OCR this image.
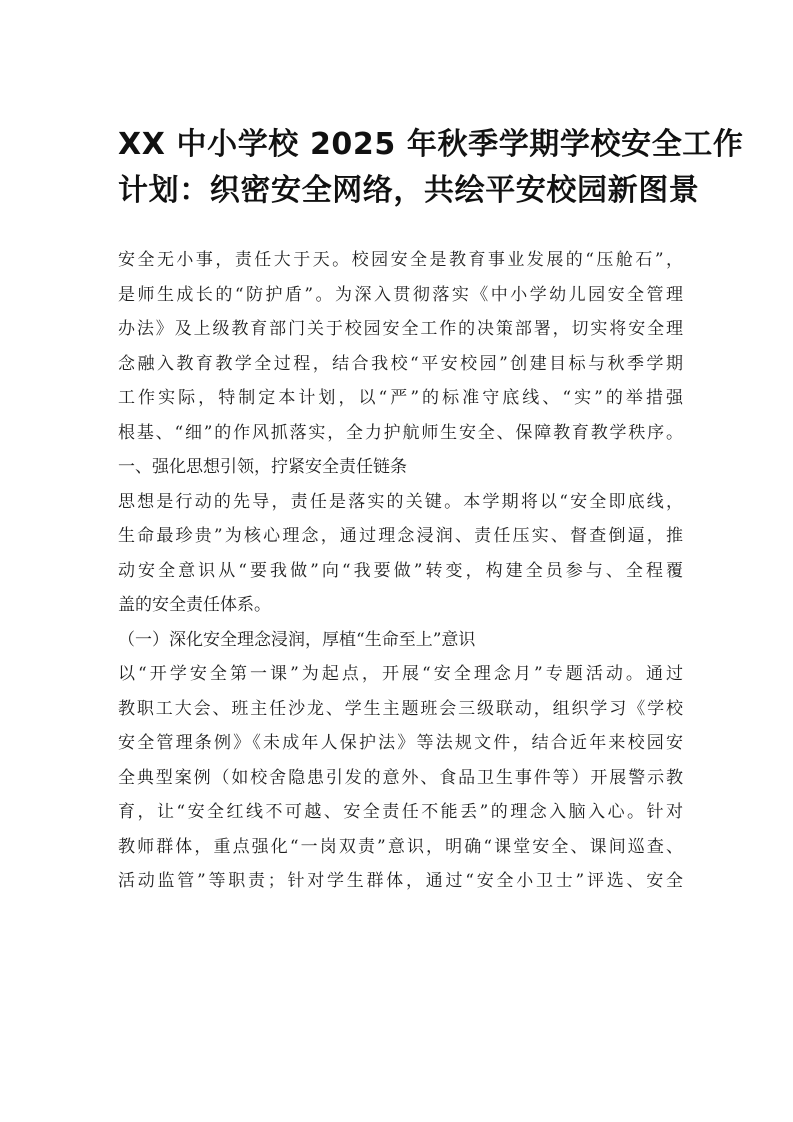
XX 中小学校 2025 年秋季学期学校安全工作
计划：织密安全网络，共绘平安校园新图景
安全无小事，责任大于天。校园安全是教育事业发展的“压舱石”，
是师生成长的“防护盾”。为深入贯彻落实《中小学幼儿园安全管理
办法》及上级教育部门关于校园安全工作的决策部署，切实将安全理
念融入教育教学全过程，结合我校“平安校园”创建目标与秋季学期
工作实际，特制定本计划，以“严”的标准守底线、“实”的举措强
根基、“细”的作风抓落实，全力护航师生安全、保障教育教学秩序。
一、强化思想引领，拧紧安全责任链条
思想是行动的先导，责任是落实的关键。本学期将以“安全即底线，
生命最珍贵”为核心理念，通过理念浸润、责任压实、督查倒逼，推
动安全意识从“要我做”向“我要做”转变，构建全员参与、全程覆
盖的安全责任体系。
（一）深化安全理念浸润，厚植“生命至上”意识
以“开学安全第一课”为起点，开展“安全理念月”专题活动。通过
教职工大会、班主任沙龙、学生主题班会三级联动，组织学习《学校
安全管理条例》《未成年人保护法》等法规文件，结合近年来校园安
全典型案例（如校舍隐患引发的意外、食品卫生事件等）开展警示教
育，让“安全红线不可越、安全责任不能丢”的理念入脑入心。针对
教师群体，重点强化“一岗双责”意识，明确“课堂安全、课间巡查、
活动监管”等职责；针对学生群体，通过“安全小卫士”评选、安全
